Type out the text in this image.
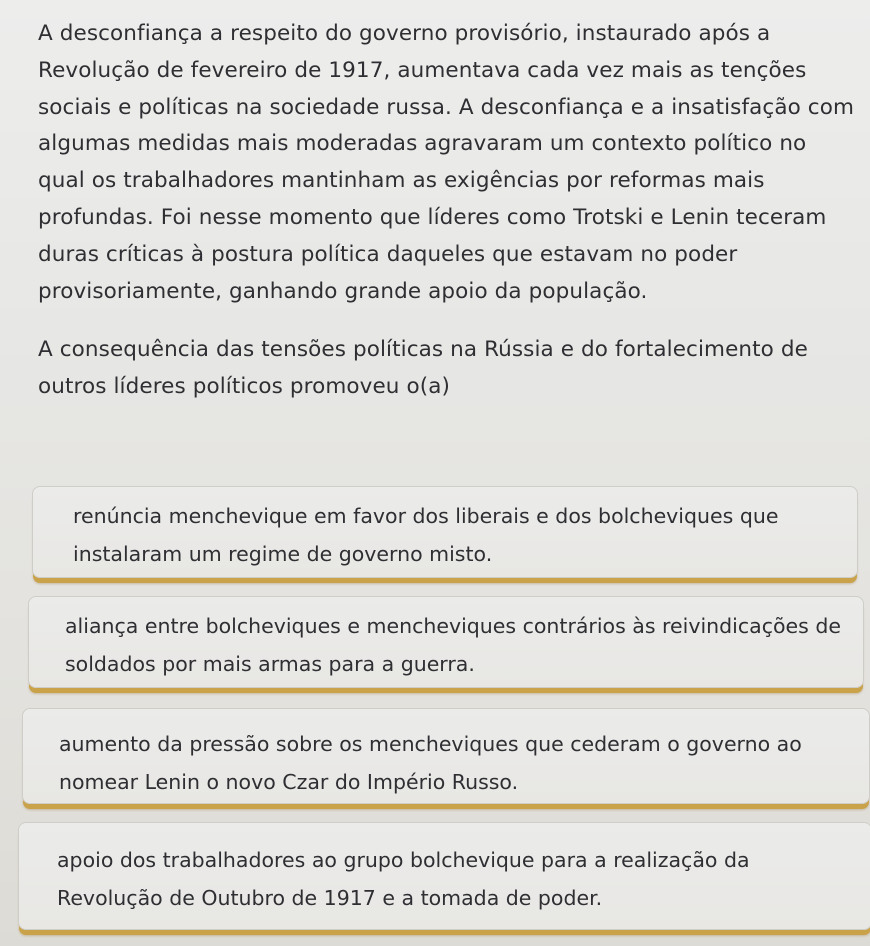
A desconfiança a respeito do governo provisório, instaurado após a Revolução de fevereiro de 1917, aumentava cada vez mais as tenções sociais e políticas na sociedade russa. A desconfiança e a insatisfação com algumas medidas mais moderadas agravaram um contexto político no qual os trabalhadores mantinham as exigências por reformas mais profundas. Foi nesse momento que líderes como Trotski e Lenin teceram duras críticas à postura política daqueles que estavam no poder provisoriamente, ganhando grande apoio da população.

A consequência das tensões políticas na Rússia e do fortalecimento de outros líderes políticos promoveu o(a)

renúncia menchevique em favor dos liberais e dos bolcheviques que instalaram um regime de governo misto.
aliança entre bolcheviques e mencheviques contrários às reivindicações de soldados por mais armas para a guerra.
aumento da pressão sobre os mencheviques que cederam o governo ao nomear Lenin o novo Czar do Império Russo.
apoio dos trabalhadores ao grupo bolchevique para a realização da Revolução de Outubro de 1917 e a tomada de poder.
